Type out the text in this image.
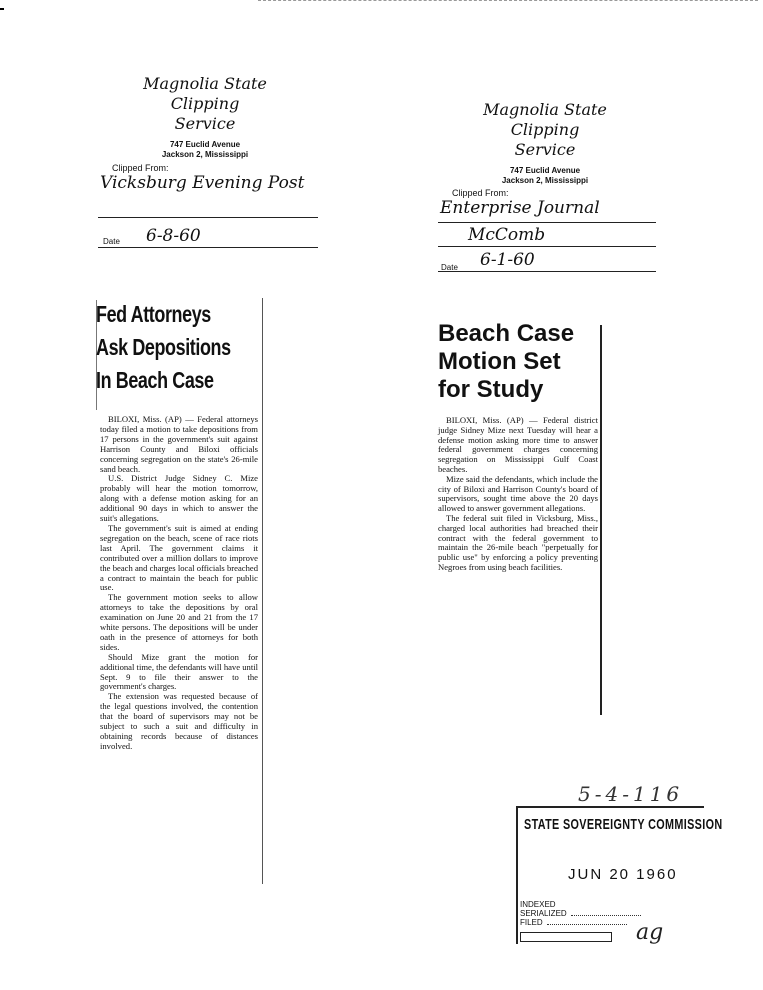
Magnolia State
Clipping Service
747 Euclid Avenue
Jackson 2, Mississippi
Clipped From:
Vicksburg Evening Post
Date 6-8-60
Fed Attorneys
Ask Depositions
In Beach Case

BILOXI, Miss. (AP) — Federal attorneys today filed a motion to take depositions from 17 persons in the government's suit against Harrison County and Biloxi officials concerning segregation on the state's 26-mile sand beach.

U.S. District Judge Sidney C. Mize probably will hear the motion tomorrow, along with a defense motion asking for an additional 90 days in which to answer the suit's allegations.

The government's suit is aimed at ending segregation on the beach, scene of race riots last April. The government claims it contributed over a million dollars to improve the beach and charges local officials breached a contract to maintain the beach for public use.

The government motion seeks to allow attorneys to take the depositions by oral examination on June 20 and 21 from the 17 white persons. The depositions will be under oath in the presence of attorneys for both sides.

Should Mize grant the motion for additional time, the defendants will have until Sept. 9 to file their answer to the government's charges.

The extension was requested because of the legal questions involved, the contention that the board of supervisors may not be subject to such a suit and difficulty in obtaining records because of distances involved.

Magnolia State
Clipping Service
747 Euclid Avenue
Jackson 2, Mississippi
Clipped From:
Enterprise Journal
McComb
Date 6-1-60
Beach Case
Motion Set
for Study

BILOXI, Miss. (AP) — Federal district judge Sidney Mize next Tuesday will hear a defense motion asking more time to answer federal government charges concerning segregation on Mississippi Gulf Coast beaches.

Mize said the defendants, which include the city of Biloxi and Harrison County's board of supervisors, sought time above the 20 days allowed to answer government allegations.

The federal suit filed in Vicksburg, Miss., charged local authorities had breached their contract with the federal government to maintain the 26-mile beach "perpetually for public use" by enforcing a policy preventing Negroes from using beach facilities.

5-4-116
STATE SOVEREIGNTY COMMISSION
JUN 20 1960
INDEXED
SERIALIZED
FILED	ag
